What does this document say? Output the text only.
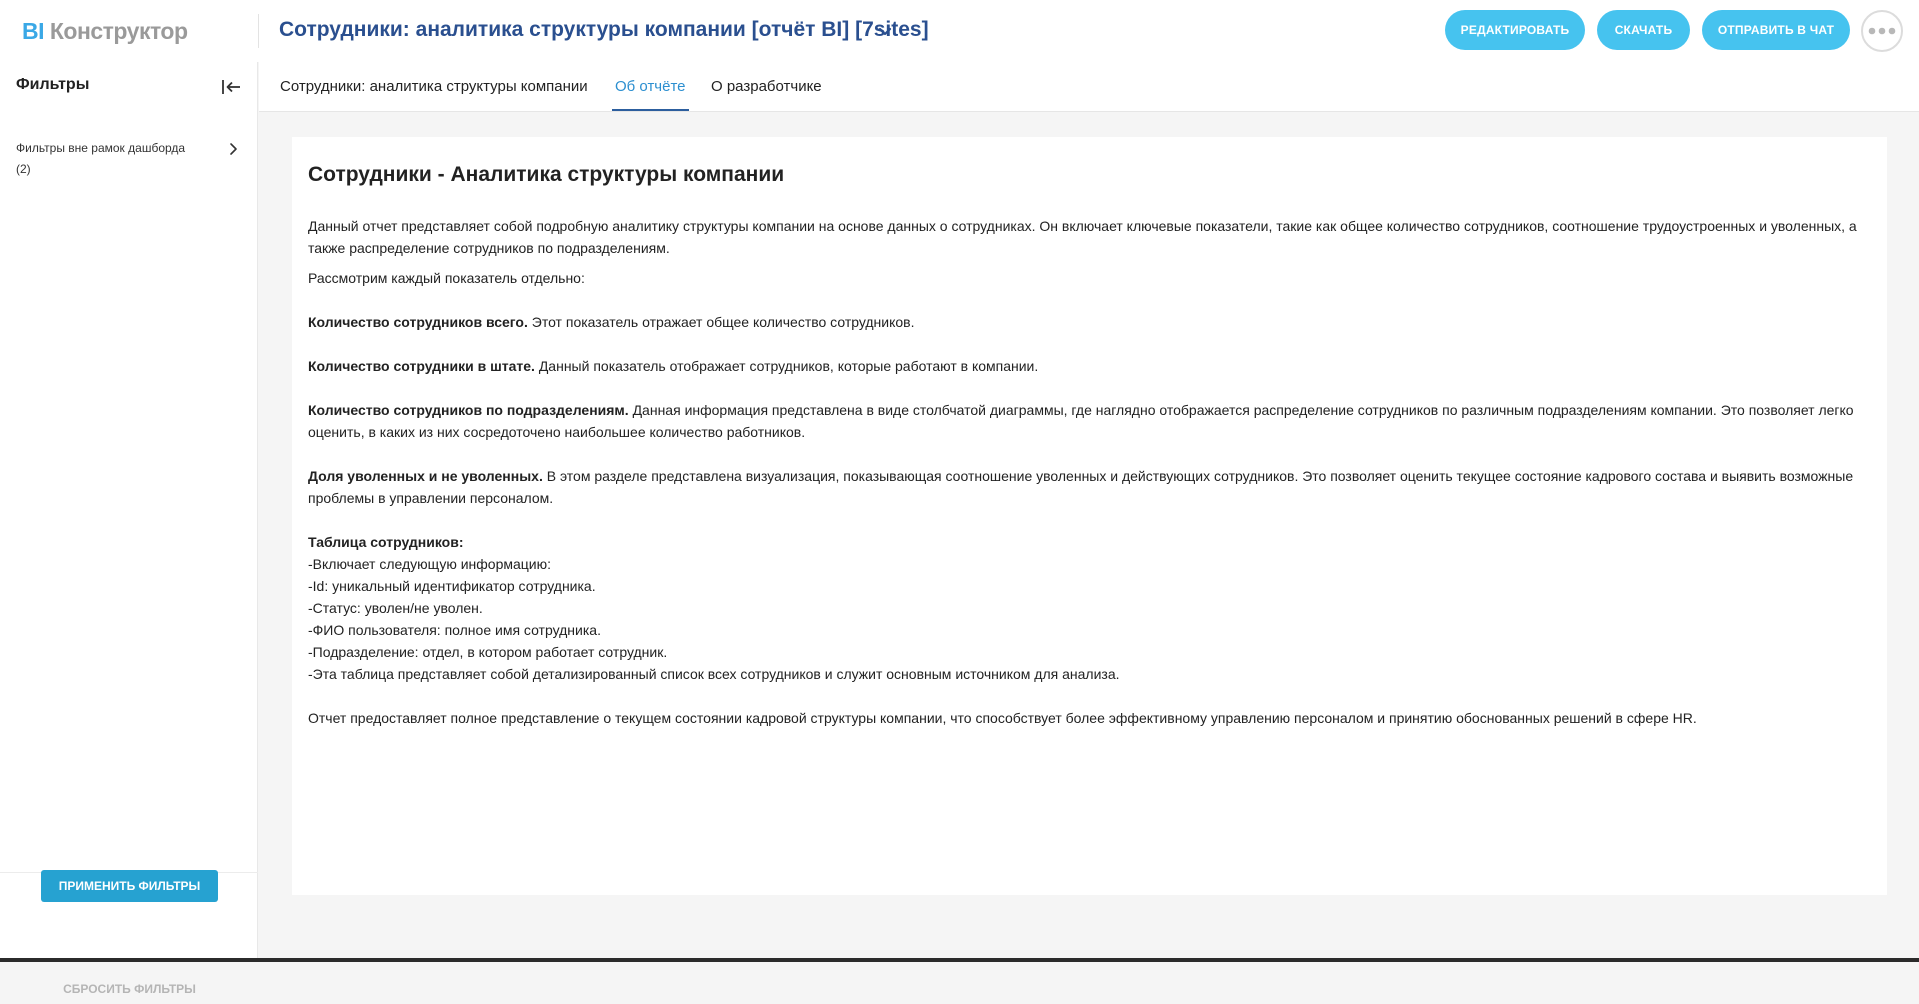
BI Конструктор	Сотрудники: аналитика структуры компании [отчёт BI] [7sites]	РЕДАКТИРОВАТЬ	СКАЧАТЬ	ОТПРАВИТЬ В ЧАТ
Фильтры
Фильтры вне рамок дашборда
(2)
ПРИМЕНИТЬ ФИЛЬТРЫ
СБРОСИТЬ ФИЛЬТРЫ
Сотрудники: аналитика структуры компании Об отчёте О разработчике
Сотрудники - Аналитика структуры компании

Данный отчет представляет собой подробную аналитику структуры компании на основе данных о сотрудниках. Он включает ключевые показатели, такие как общее количество сотрудников, соотношение трудоустроенных и уволенных, а также распределение сотрудников по подразделениям.

Рассмотрим каждый показатель отдельно:

Количество сотрудников всего. Этот показатель отражает общее количество сотрудников.

Количество сотрудники в штате. Данный показатель отображает сотрудников, которые работают в компании.

Количество сотрудников по подразделениям. Данная информация представлена в виде столбчатой диаграммы, где наглядно отображается распределение сотрудников по различным подразделениям компании. Это позволяет легко оценить, в каких из них сосредоточено наибольшее количество работников.

Доля уволенных и не уволенных. В этом разделе представлена визуализация, показывающая соотношение уволенных и действующих сотрудников. Это позволяет оценить текущее состояние кадрового состава и выявить возможные проблемы в управлении персоналом.

Таблица сотрудников:

-Включает следующую информацию:

-Id: уникальный идентификатор сотрудника.

-Статус: уволен/не уволен.

-ФИО пользователя: полное имя сотрудника.

-Подразделение: отдел, в котором работает сотрудник.

-Эта таблица представляет собой детализированный список всех сотрудников и служит основным источником для анализа.

Отчет предоставляет полное представление о текущем состоянии кадровой структуры компании, что способствует более эффективному управлению персоналом и принятию обоснованных решений в сфере HR.
